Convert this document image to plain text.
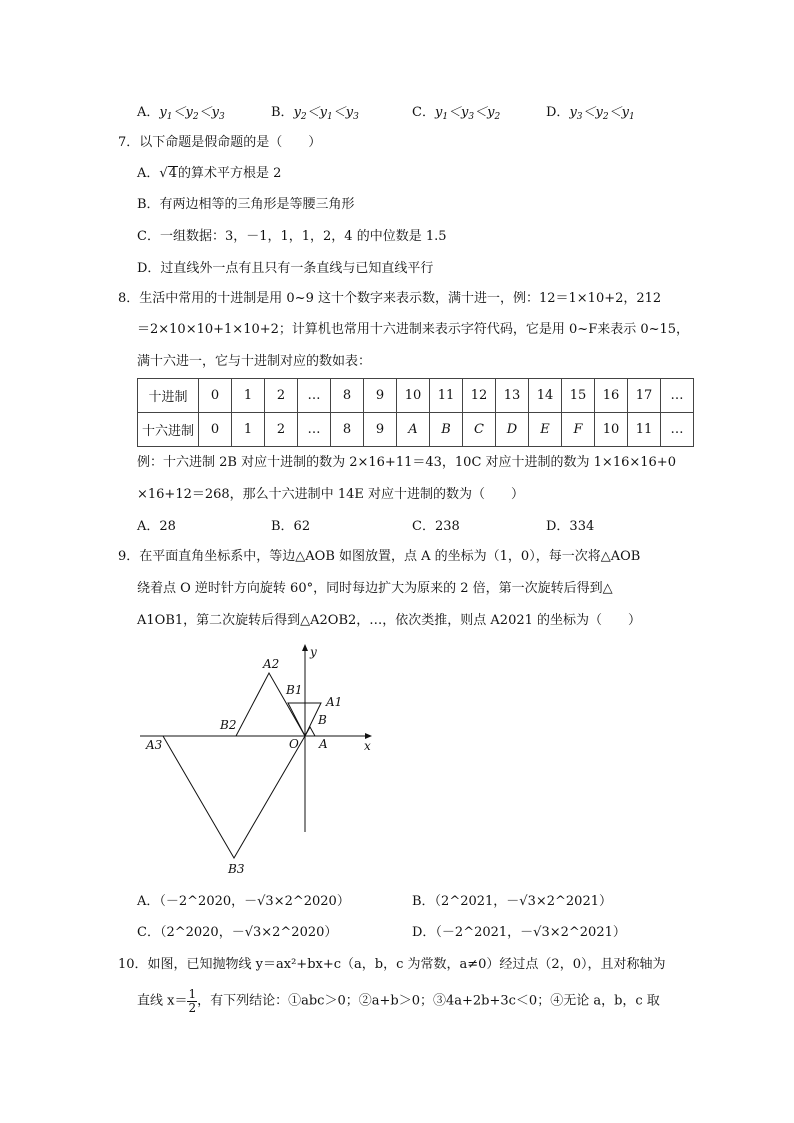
A．$y_1<y_2<y_3$	B．$y_2<y_1<y_3$	C．$y_1<y_3<y_2$	D．$y_3<y_2<y_1$
7．以下命题是假命题的是（　　）
A．√4的算术平方根是 2
B．有两边相等的三角形是等腰三角形
C．一组数据：3，－1，1，1，2，4 的中位数是 1.5
D．过直线外一点有且只有一条直线与已知直线平行
8．生活中常用的十进制是用 0~9 这十个数字来表示数，满十进一，例：12＝1×10+2，212
＝2×10×10+1×10+2；计算机也常用十六进制来表示字符代码，它是用 0~F来表示 0~15，
满十六进一，它与十进制对应的数如表：
十进制	0	1	2	…	8	9	10	11	12	13	14	15	16	17	…
十六进制	0	1	2	…	8	9	A	B	C	D	E	F	10	11	…
例：十六进制 2B 对应十进制的数为 2×16+11＝43，10C 对应十进制的数为 1×16×16+0
×16+12＝268，那么十六进制中 14E 对应十进制的数为（　　）
A．28	B．62	C．238	D．334
9．在平面直角坐标系中，等边△AOB 如图放置，点 A 的坐标为（1，0），每一次将△AOB
绕着点 O 逆时针方向旋转 60°，同时每边扩大为原来的 2 倍，第一次旋转后得到△
A1OB1，第二次旋转后得到△A2OB2，…，依次类推，则点 A2021 的坐标为（　　）
y
x
O A
B
A1
B1
A2
B2
A3
B3
A．（－2^2020，－√3×2^2020）	B．（2^2021，－√3×2^2021）
C．（2^2020，－√3×2^2020）	D．（－2^2021，－√3×2^2021）
10．如图，已知抛物线 y＝ax²+bx+c（a，b，c 为常数，a≠0）经过点（2，0），且对称轴为
直线 $x= \frac{1}{2}$ ，有下列结论：①abc＞0；②a+b＞0；③4a+2b+3c＜0；④无论 a，b，c 取
